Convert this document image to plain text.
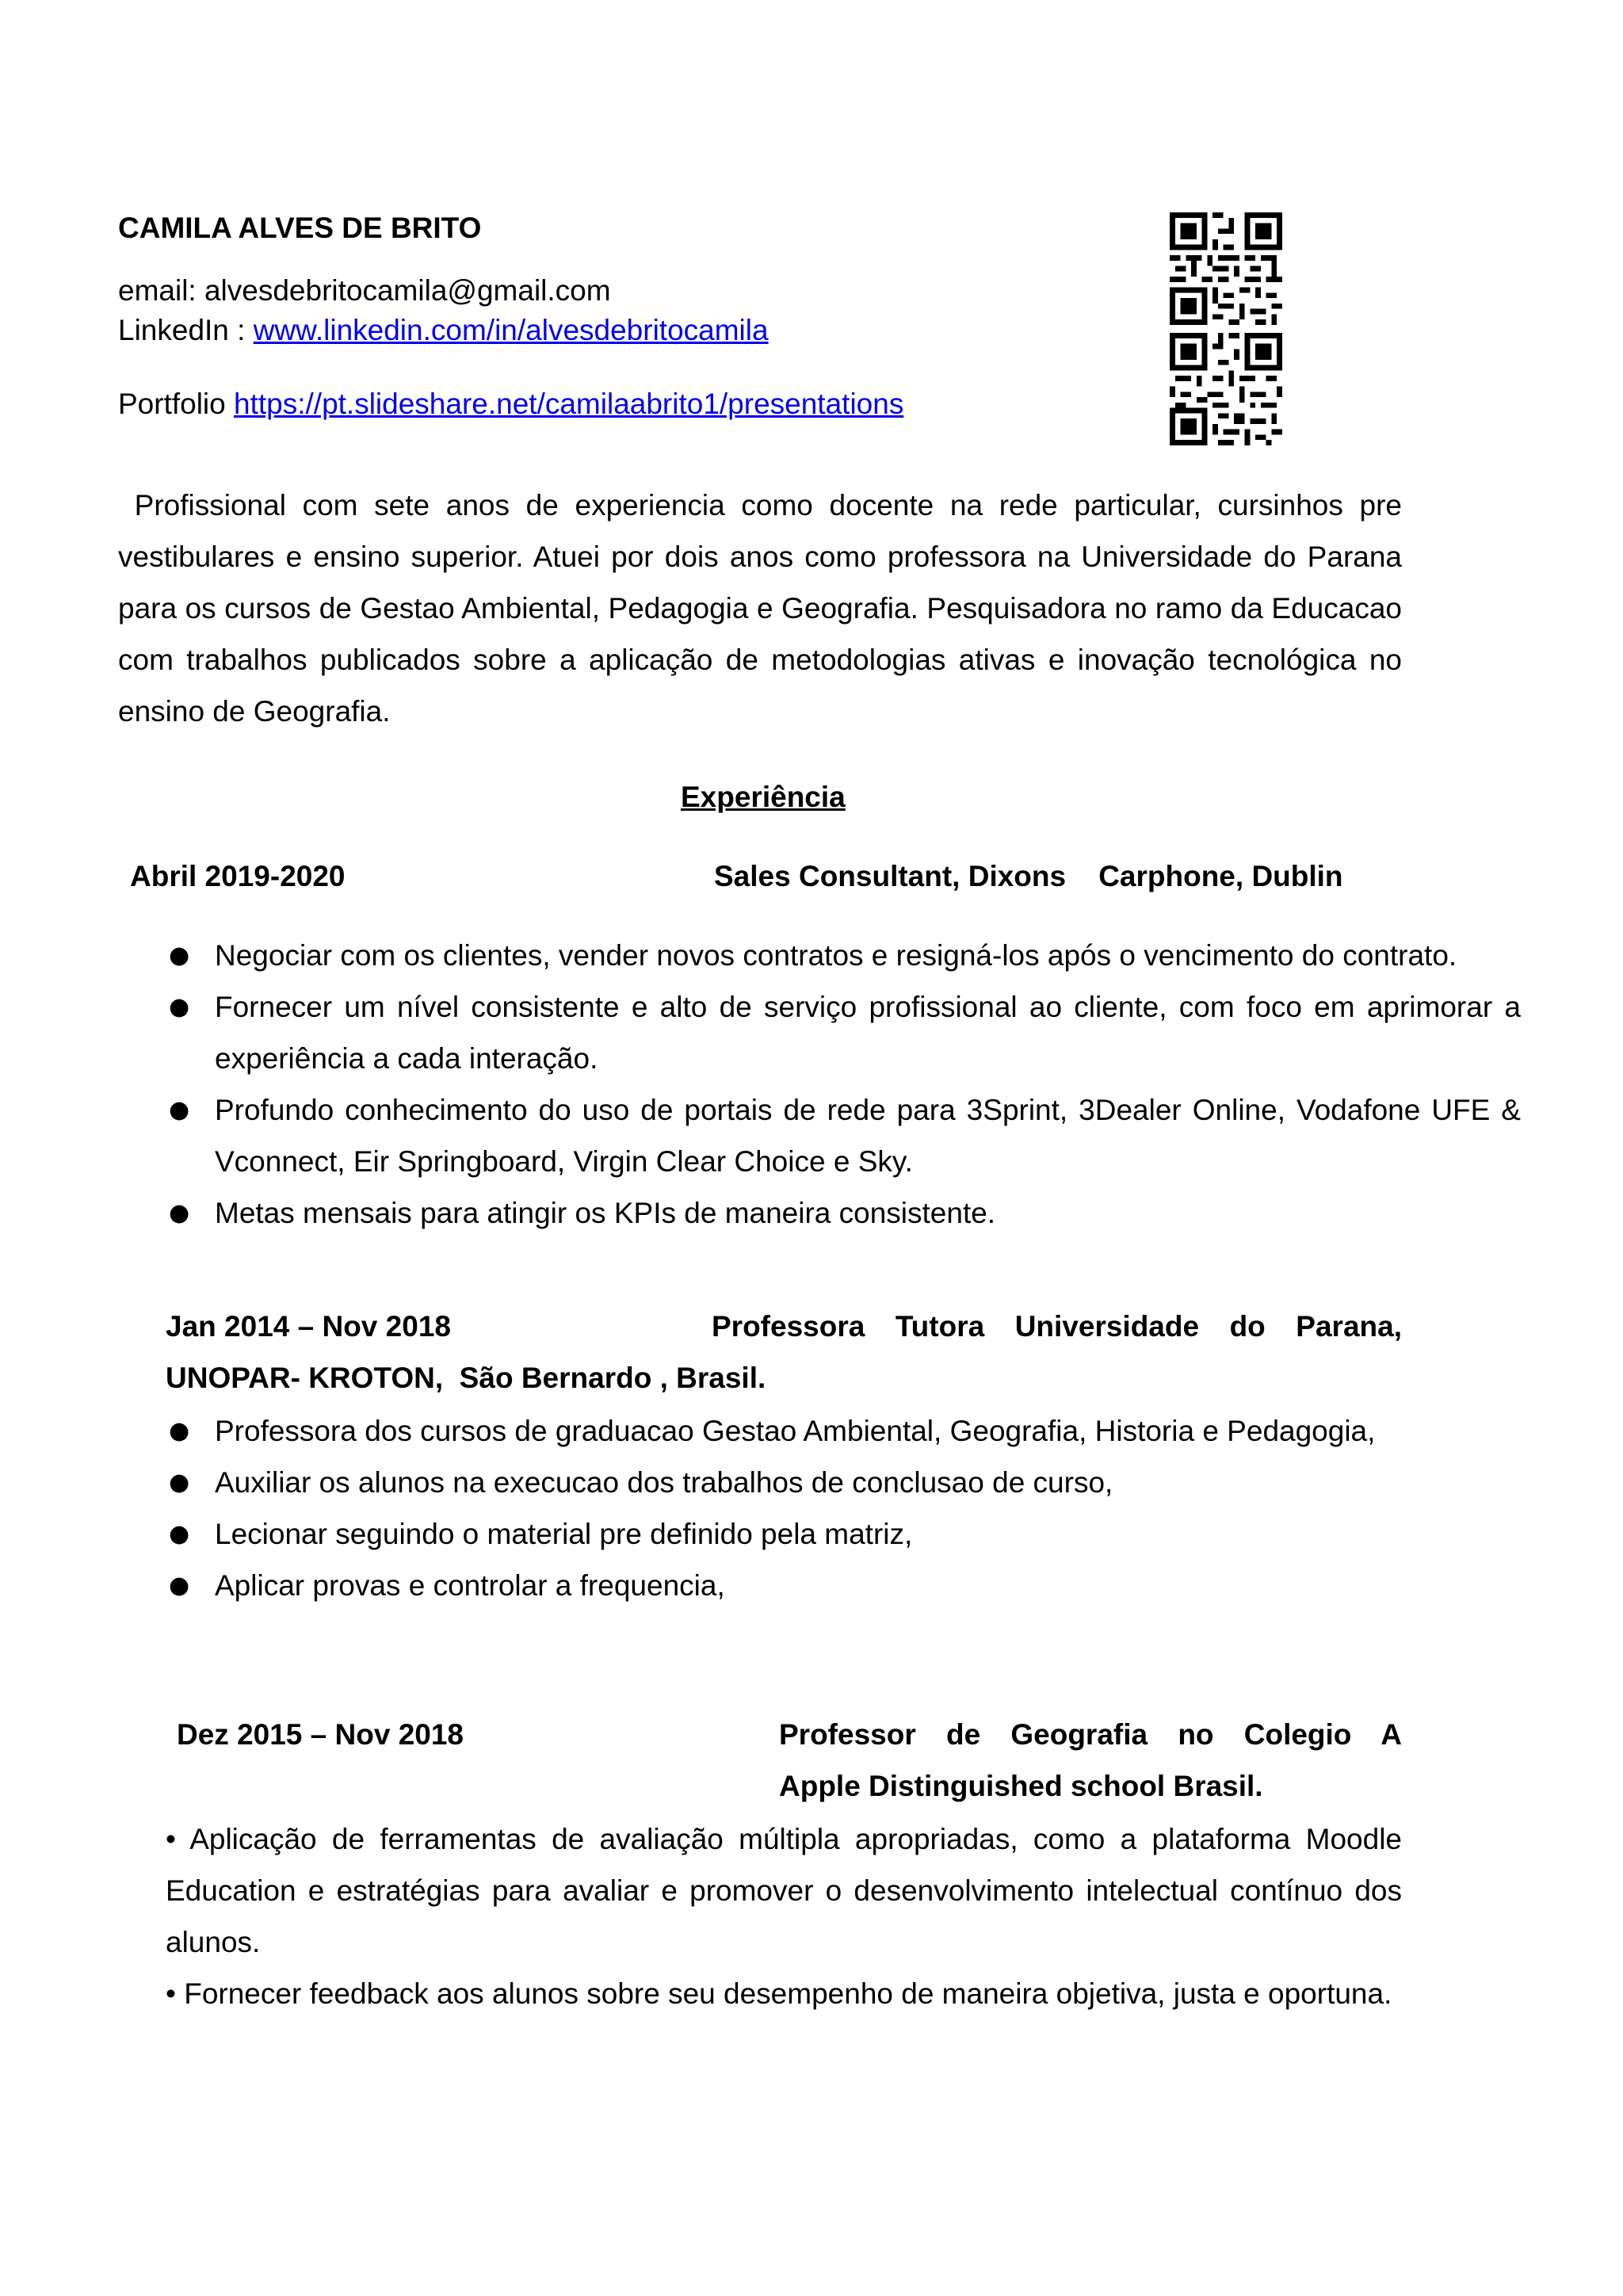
CAMILA ALVES DE BRITO
email: alvesdebritocamila@gmail.com
LinkedIn : www.linkedin.com/in/alvesdebritocamila
Portfolio https://pt.slideshare.net/camilaabrito1/presentations
Profissional com sete anos de experiencia como docente na rede particular, cursinhos pre vestibulares e ensino superior. Atuei por dois anos como professora na Universidade do Parana para os cursos de Gestao Ambiental, Pedagogia e Geografia. Pesquisadora no ramo da Educacao com trabalhos publicados sobre a aplicação de metodologias ativas e inovação tecnológica no ensino de Geografia.
Experiência
Abril 2019-2020	Sales Consultant, Dixons    Carphone, Dublin
● Negociar com os clientes, vender novos contratos e resigná-los após o vencimento do contrato.
● Fornecer um nível consistente e alto de serviço profissional ao cliente, com foco em aprimorar a experiência a cada interação.
● Profundo conhecimento do uso de portais de rede para 3Sprint, 3Dealer Online, Vodafone UFE & Vconnect, Eir Springboard, Virgin Clear Choice e Sky.
● Metas mensais para atingir os KPIs de maneira consistente.
Jan 2014 – Nov 2018	Professora Tutora Universidade do Parana,
UNOPAR- KROTON,  São Bernardo , Brasil.
● Professora dos cursos de graduacao Gestao Ambiental, Geografia, Historia e Pedagogia,
● Auxiliar os alunos na execucao dos trabalhos de conclusao de curso,
● Lecionar seguindo o material pre definido pela matriz,
● Aplicar provas e controlar a frequencia,
Dez 2015 – Nov 2018	Professor de Geografia no Colegio A
Apple Distinguished school Brasil.
• Aplicação de ferramentas de avaliação múltipla apropriadas, como a plataforma Moodle Education e estratégias para avaliar e promover o desenvolvimento intelectual contínuo dos alunos.
• Fornecer feedback aos alunos sobre seu desempenho de maneira objetiva, justa e oportuna.
